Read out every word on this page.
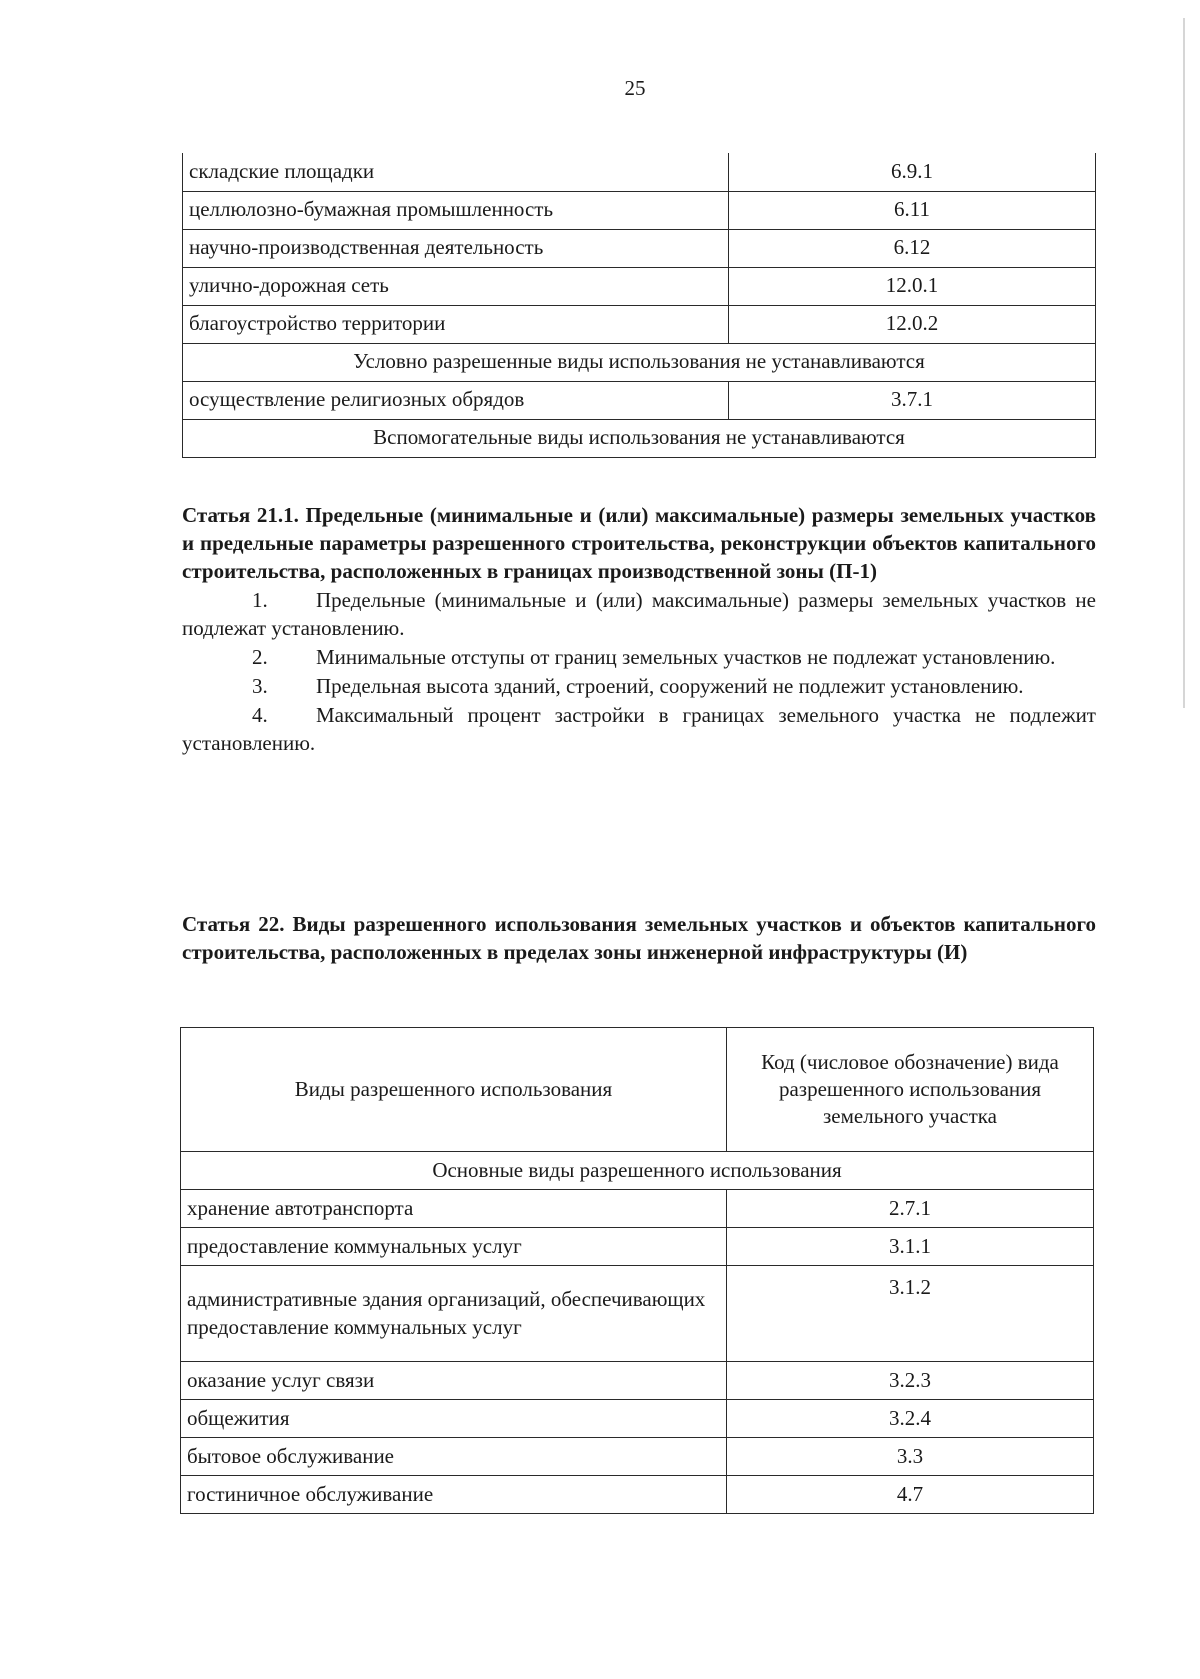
25
складские площадки	6.9.1
целлюлозно-бумажная промышленность	6.11
научно-производственная деятельность	6.12
улично-дорожная сеть	12.0.1
благоустройство территории	12.0.2
Условно разрешенные виды использования не устанавливаются	
осуществление религиозных обрядов	3.7.1
Вспомогательные виды использования не устанавливаются	
Статья 21.1. Предельные (минимальные и (или) максимальные) размеры земельных участков и предельные параметры разрешенного строительства, реконструкции объектов капитального строительства, расположенных в границах производственной зоны (П-1)

1. Предельные (минимальные и (или) максимальные) размеры земельных участков не подлежат установлению.

2. Минимальные отступы от границ земельных участков не подлежат установлению.

3. Предельная высота зданий, строений, сооружений не подлежит установлению.

4. Максимальный процент застройки в границах земельного участка не подлежит установлению.

Статья 22. Виды разрешенного использования земельных участков и объектов капитального строительства, расположенных в пределах зоны инженерной инфраструктуры (И)
Виды разрешенного использования	Код (числовое обозначение) вида разрешенного использования земельного участка
Основные виды разрешенного использования	
хранение автотранспорта	2.7.1
предоставление коммунальных услуг	3.1.1
административные здания организаций, обеспечивающих предоставление коммунальных услуг	3.1.2
оказание услуг связи	3.2.3
общежития	3.2.4
бытовое обслуживание	3.3
гостиничное обслуживание	4.7
